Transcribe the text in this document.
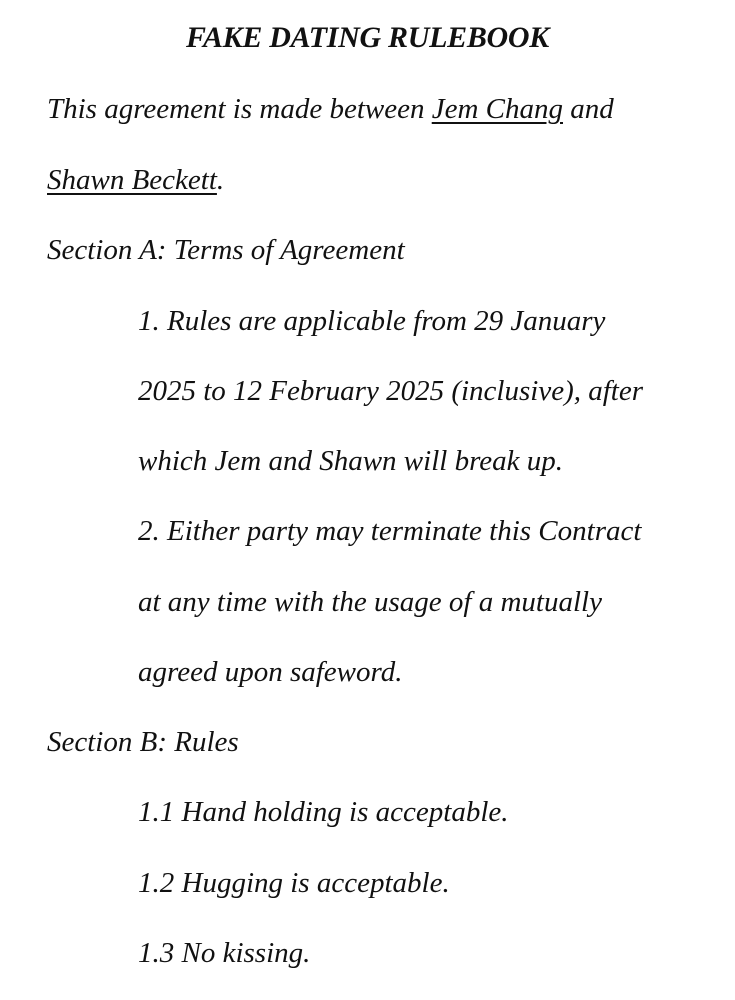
FAKE DATING RULEBOOK
This agreement is made between Jem Chang and
Shawn Beckett.
Section A: Terms of Agreement
1. Rules are applicable from 29 January
2025 to 12 February 2025 (inclusive), after
which Jem and Shawn will break up.
2. Either party may terminate this Contract
at any time with the usage of a mutually
agreed upon safeword.
Section B: Rules
1.1 Hand holding is acceptable.
1.2 Hugging is acceptable.
1.3 No kissing.
